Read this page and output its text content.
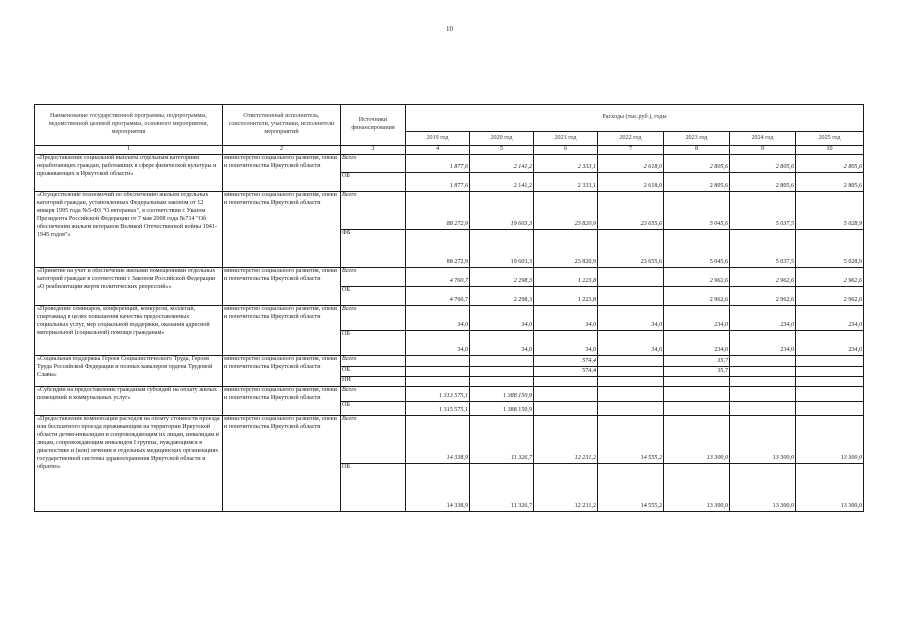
10
Наименование государственной программы, подпрограммы, ведомственной целевой программы, основного мероприятия, мероприятия	Ответственный исполнитель, соисполнители, участники, исполнители мероприятий	Источники финансирования	Расходы (тыс.руб.), годы						
			2019 год	2020 год	2021 год	2022 год	2023 год	2024 год	2025 год
1	2	3	4	5	6	7	8	9	10
«Предоставление социальной выплаты отдельным категориям неработающих граждан, работавших в сфере физической культуры и проживающих в Иркутской области»	министерство социального развития, опеки и попечительства Иркутской области	Всего	1 877,6	2 141,2	2 333,1	2 618,0	2 805,6	2 805,6	2 805,6
		ОБ	1 877,6	2 141,2	2 333,1	2 618,0	2 805,6	2 805,6	2 805,6
«Осуществление полномочий по обеспечению жильем отдельных категорий граждан, установленных Федеральным законом от 12 января 1995 года №5-ФЗ "О ветеранах", в соответствии с Указом Президента Российской Федерации от 7 мая 2008 года №714 "Об обеспечении жильем ветеранов Великой Отечественной войны 1941-1945 годов"»	министерство социального развития, опеки и попечительства Иркутской области	Всего	88 272,9	19 603,3	23 820,9	23 655,6	5 045,6	5 037,5	5 028,9
		ФБ	88 272,9	19 603,3	23 820,9	23 655,6	5 045,6	5 037,5	5 028,9
«Принятие на учет и обеспечение жилыми помещениями отдельных категорий граждан в соответствии с Законом Российской Федерации «О реабилитации жертв политических репрессий»»	министерство социального развития, опеки и попечительства Иркутской области	Всего	4 760,7	2 298,3	1 223,8		2 962,6	2 962,6	2 962,6
		ОБ	4 760,7	2 298,3	1 223,8		2 962,6	2 962,6	2 962,6
«Проведение семинаров, конференций, конкурсов, коллегий, спартакиад в целях повышения качества предоставляемых социальных услуг, мер социальной поддержки, оказания адресной материальной (социальной) помощи гражданам»	министерство социального развития, опеки и попечительства Иркутской области	Всего	34,0	34,0	34,0	34,0	234,0	234,0	234,0
		ОБ	34,0	34,0	34,0	34,0	234,0	234,0	234,0
«Социальная поддержка Героев Социалистического Труда, Героев Труда Российской Федерации и полных кавалеров ордена Трудовой Славы»	министерство социального развития, опеки и попечительства Иркутской области	Всего			574,4		35,7		
		ОБ			574,4		35,7		
		НИ							
«Субсидии на предоставление гражданам субсидий на оплату жилых помещений и коммунальных услуг»	министерство социального развития, опеки и попечительства Иркутской области	Всего	1 313 575,1	1 388 150,9					
		ОБ	1 315 575,1	1 388 150,9					
«Предоставление компенсации расходов на оплату стоимости проезда или бесплатного проезда проживающим на территории Иркутской области детям-инвалидам и сопровождающим их лицам, инвалидам и лицам, сопровождающим инвалидов I группы, нуждающимся в диагностике и (или) лечении в отдельных медицинских организациях государственной системы здравоохранения Иркутской области и обратно»	министерство социального развития, опеки и попечительства Иркутской области	Всего	14 338,9	11 326,7	12 231,2	14 555,2	13 300,0	13 300,0	13 300,0
		ОБ	14 338,9	11 326,7	12 231,2	14 555,2	13 300,0	13 300,0	13 300,0
